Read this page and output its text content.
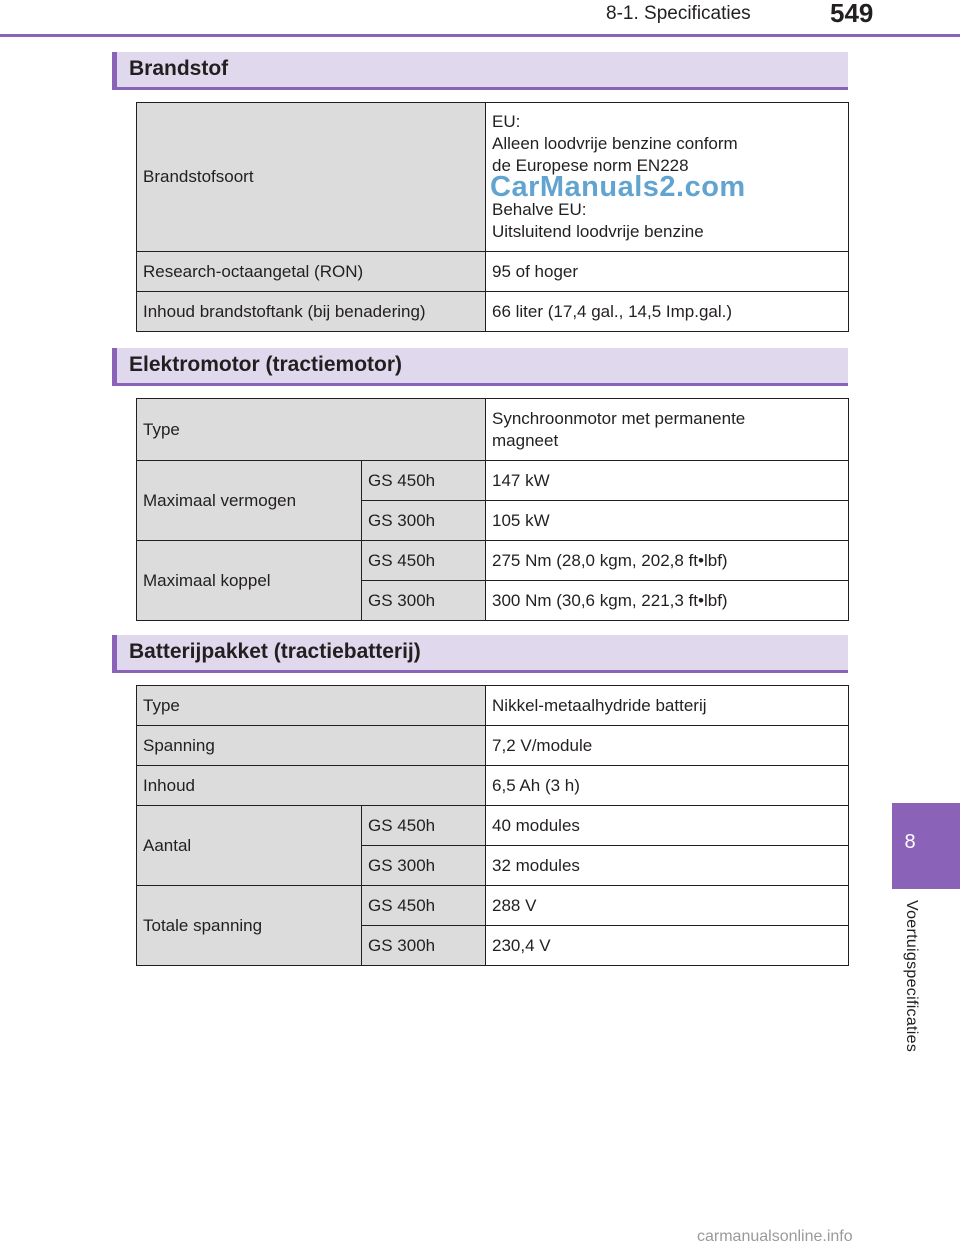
8-1. Specificaties	549
8
Voertuigspecificaties
Brandstof
Brandstofsoort	EU:
Alleen loodvrije benzine conform
de Europese norm EN228
Behalve EU:
Uitsluitend loodvrije benzine

Research-octaangetal (RON)	95 of hoger
Inhoud brandstoftank (bij benadering)	66 liter (17,4 gal., 14,5 Imp.gal.)
Elektromotor (tractiemotor)
Type		Synchroonmotor met permanente
magneet

Maximaal vermogen	GS 450h	147 kW
	GS 300h	105 kW
Maximaal koppel	GS 450h	275 Nm (28,0 kgm, 202,8 ft•lbf)
	GS 300h	300 Nm (30,6 kgm, 221,3 ft•lbf)
Batterijpakket (tractiebatterij)
Type		Nikkel-metaalhydride batterij
Spanning		7,2 V/module
Inhoud		6,5 Ah (3 h)
Aantal	GS 450h	40 modules
	GS 300h	32 modules
Totale spanning	GS 450h	288 V
	GS 300h	230,4 V
CarManuals2.com
carmanualsonline.info
